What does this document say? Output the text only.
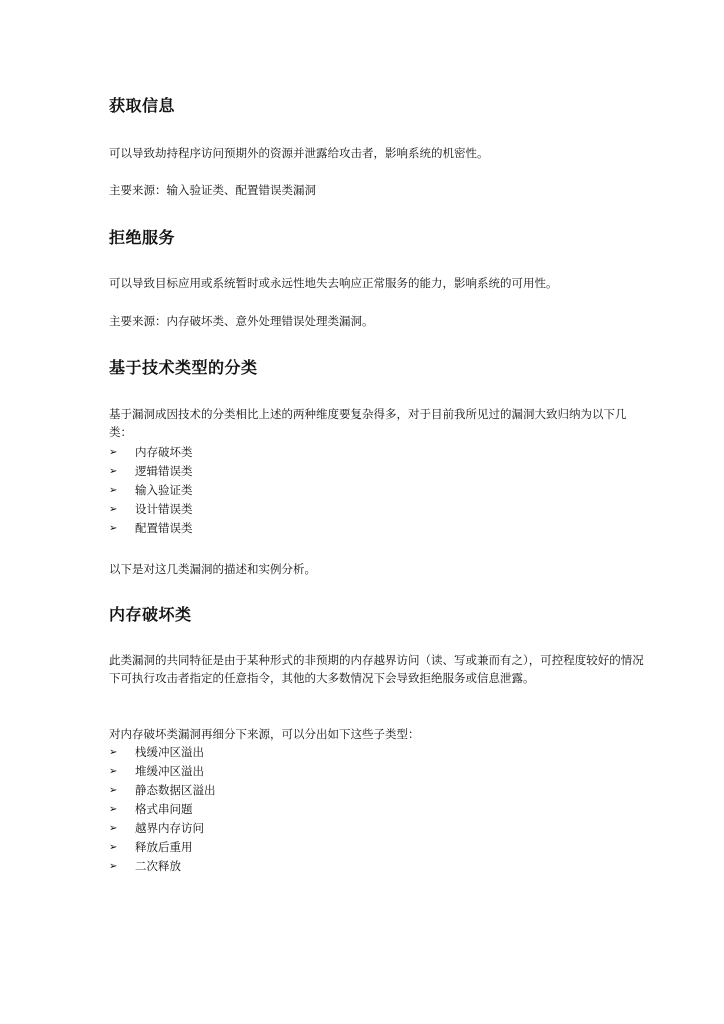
获取信息

可以导致劫持程序访问预期外的资源并泄露给攻击者，影响系统的机密性。

主要来源：输入验证类、配置错误类漏洞

拒绝服务

可以导致目标应用或系统暂时或永远性地失去响应正常服务的能力，影响系统的可用性。

主要来源：内存破坏类、意外处理错误处理类漏洞。

基于技术类型的分类

基于漏洞成因技术的分类相比上述的两种维度要复杂得多，对于目前我所见过的漏洞大致归纳为以下几类：

➢	内存破坏类
➢	逻辑错误类
➢	输入验证类
➢	设计错误类
➢	配置错误类

以下是对这几类漏洞的描述和实例分析。

内存破坏类

此类漏洞的共同特征是由于某种形式的非预期的内存越界访问（读、写或兼而有之），可控程度较好的情况下可执行攻击者指定的任意指令，其他的大多数情况下会导致拒绝服务或信息泄露。

对内存破坏类漏洞再细分下来源，可以分出如下这些子类型：

➢	栈缓冲区溢出
➢	堆缓冲区溢出
➢	静态数据区溢出
➢	格式串问题
➢	越界内存访问
➢	释放后重用
➢	二次释放
